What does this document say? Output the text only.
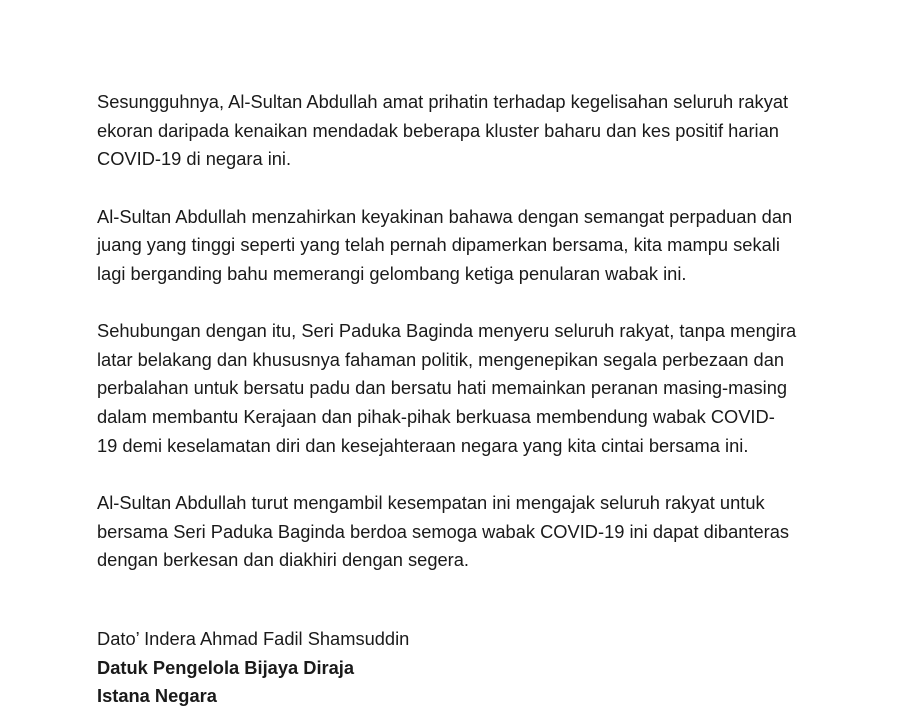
Sesungguhnya, Al-Sultan Abdullah amat prihatin terhadap kegelisahan seluruh rakyat
ekoran daripada kenaikan mendadak beberapa kluster baharu dan kes positif harian
COVID-19 di negara ini.

Al-Sultan Abdullah menzahirkan keyakinan bahawa dengan semangat perpaduan dan
juang yang tinggi seperti yang telah pernah dipamerkan bersama, kita mampu sekali
lagi berganding bahu memerangi gelombang ketiga penularan wabak ini.

Sehubungan dengan itu, Seri Paduka Baginda menyeru seluruh rakyat, tanpa mengira
latar belakang dan khususnya fahaman politik, mengenepikan segala perbezaan dan
perbalahan untuk bersatu padu dan bersatu hati memainkan peranan masing-masing
dalam membantu Kerajaan dan pihak-pihak berkuasa membendung wabak COVID-
19 demi keselamatan diri dan kesejahteraan negara yang kita cintai bersama ini.

Al-Sultan Abdullah turut mengambil kesempatan ini mengajak seluruh rakyat untuk
bersama Seri Paduka Baginda berdoa semoga wabak COVID-19 ini dapat dibanteras
dengan berkesan dan diakhiri dengan segera.

Dato’ Indera Ahmad Fadil Shamsuddin
Datuk Pengelola Bijaya Diraja
Istana Negara
